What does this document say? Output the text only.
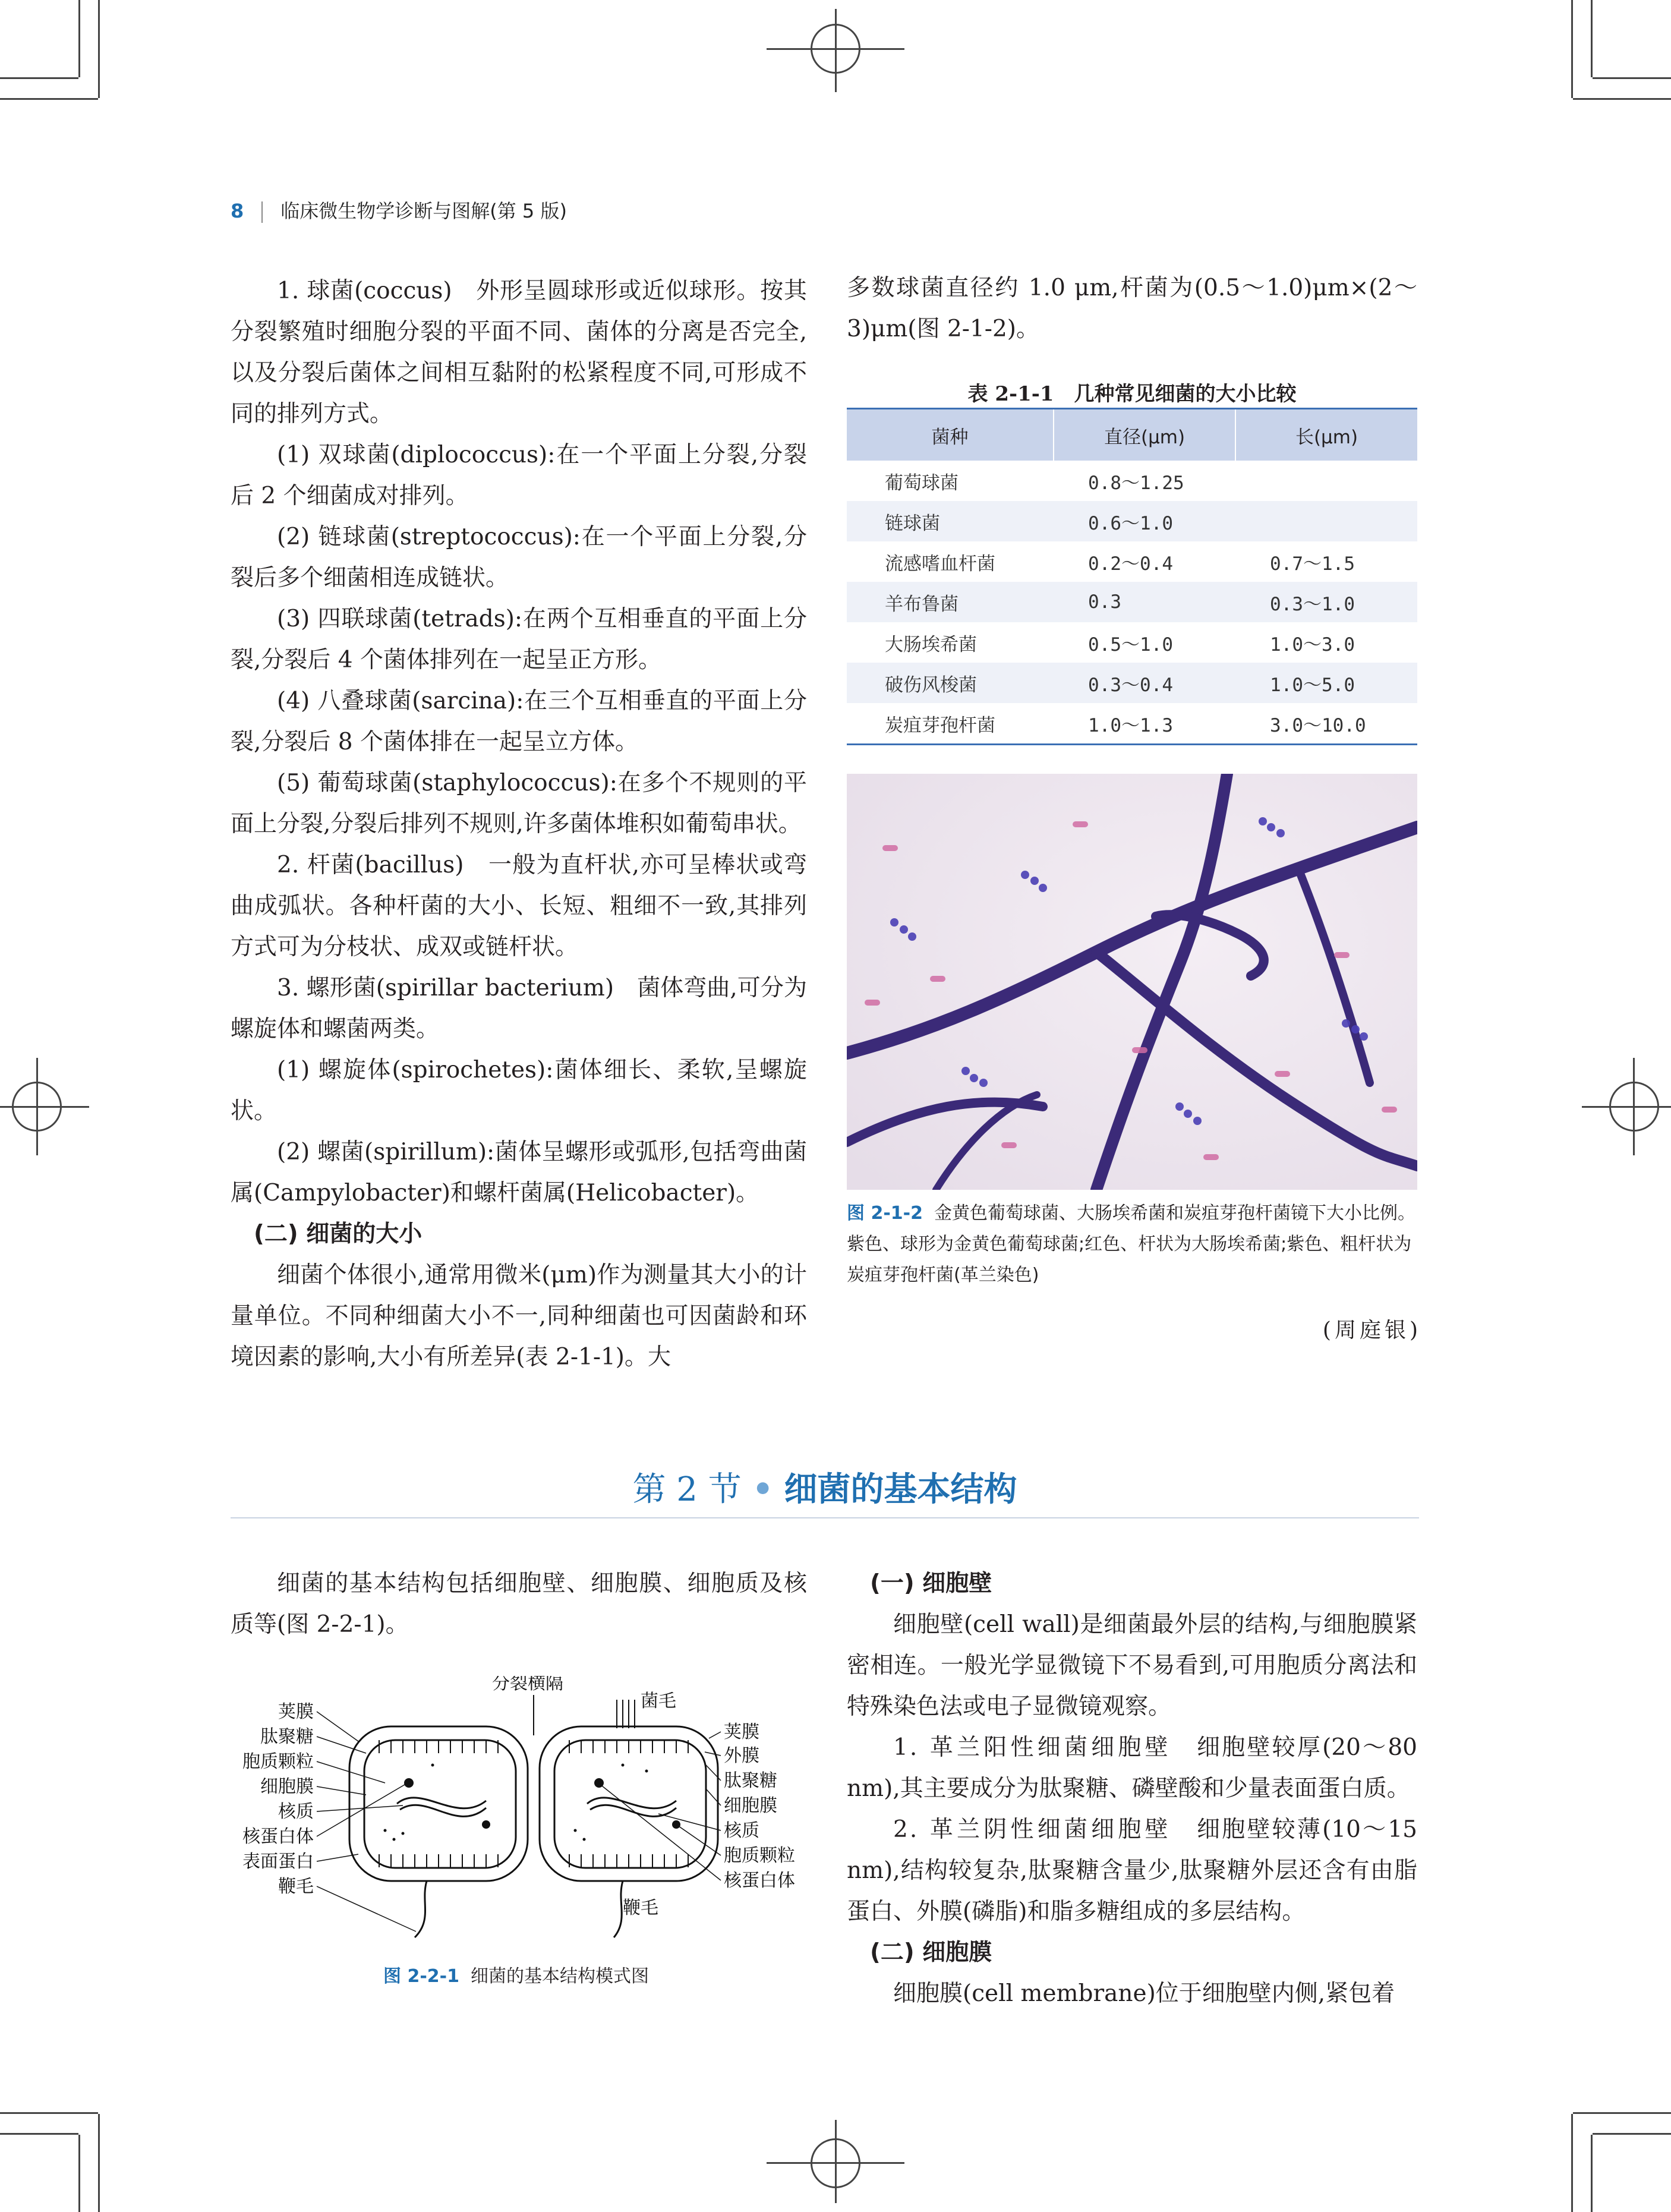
8 临床微生物学诊断与图解(第 5 版)

1. 球菌(coccus)　外形呈圆球形或近似球形。按其分裂繁殖时细胞分裂的平面不同、菌体的分离是否完全,以及分裂后菌体之间相互黏附的松紧程度不同,可形成不同的排列方式。

(1) 双球菌(diplococcus):在一个平面上分裂,分裂后 2 个细菌成对排列。

(2) 链球菌(streptococcus):在一个平面上分裂,分裂后多个细菌相连成链状。

(3) 四联球菌(tetrads):在两个互相垂直的平面上分裂,分裂后 4 个菌体排列在一起呈正方形。

(4) 八叠球菌(sarcina):在三个互相垂直的平面上分裂,分裂后 8 个菌体排在一起呈立方体。

(5) 葡萄球菌(staphylococcus):在多个不规则的平面上分裂,分裂后排列不规则,许多菌体堆积如葡萄串状。

2. 杆菌(bacillus)　一般为直杆状,亦可呈棒状或弯曲成弧状。各种杆菌的大小、长短、粗细不一致,其排列方式可为分枝状、成双或链杆状。

3. 螺形菌(spirillar bacterium)　菌体弯曲,可分为螺旋体和螺菌两类。

(1) 螺旋体(spirochetes):菌体细长、柔软,呈螺旋状。

(2) 螺菌(spirillum):菌体呈螺形或弧形,包括弯曲菌属(Campylobacter)和螺杆菌属(Helicobacter)。

(二) 细菌的大小

细菌个体很小,通常用微米(μm)作为测量其大小的计量单位。不同种细菌大小不一,同种细菌也可因菌龄和环境因素的影响,大小有所差异(表 2-1-1)。大

多数球菌直径约 1.0 μm,杆菌为(0.5～1.0)μm×(2～3)μm(图 2-1-2)。

表 2-1-1　几种常见细菌的大小比较
菌种	直径(μm)	长(μm)
葡萄球菌	0.8～1.25	
链球菌	0.6～1.0	
流感嗜血杆菌	0.2～0.4	0.7～1.5
羊布鲁菌	0.3	0.3～1.0
大肠埃希菌	0.5～1.0	1.0～3.0
破伤风梭菌	0.3～0.4	1.0～5.0
炭疽芽孢杆菌	1.0～1.3	3.0～10.0
图 2-1-2 金黄色葡萄球菌、大肠埃希菌和炭疽芽孢杆菌镜下大小比例。紫色、球形为金黄色葡萄球菌;红色、杆状为大肠埃希菌;紫色、粗杆状为炭疽芽孢杆菌(革兰染色)
(周庭银)
第 2 节 • 细菌的基本结构

细菌的基本结构包括细胞壁、细胞膜、细胞质及核质等(图 2-2-1)。

分裂横隔
荚膜
肽聚糖
胞质颗粒
细胞膜
核质
核蛋白体
表面蛋白
鞭毛
菌毛
荚膜
外膜
肽聚糖
细胞膜
核质
胞质颗粒
核蛋白体
鞭毛
图 2-2-1 细菌的基本结构模式图

(一) 细胞壁

细胞壁(cell wall)是细菌最外层的结构,与细胞膜紧密相连。一般光学显微镜下不易看到,可用胞质分离法和特殊染色法或电子显微镜观察。

1. 革兰阳性细菌细胞壁　 细胞壁较厚(20～80 nm),其主要成分为肽聚糖、磷壁酸和少量表面蛋白质。

2. 革兰阴性细菌细胞壁　 细胞壁较薄(10～15 nm),结构较复杂,肽聚糖含量少,肽聚糖外层还含有由脂蛋白、外膜(磷脂)和脂多糖组成的多层结构。

(二) 细胞膜

细胞膜(cell membrane)位于细胞壁内侧,紧包着
